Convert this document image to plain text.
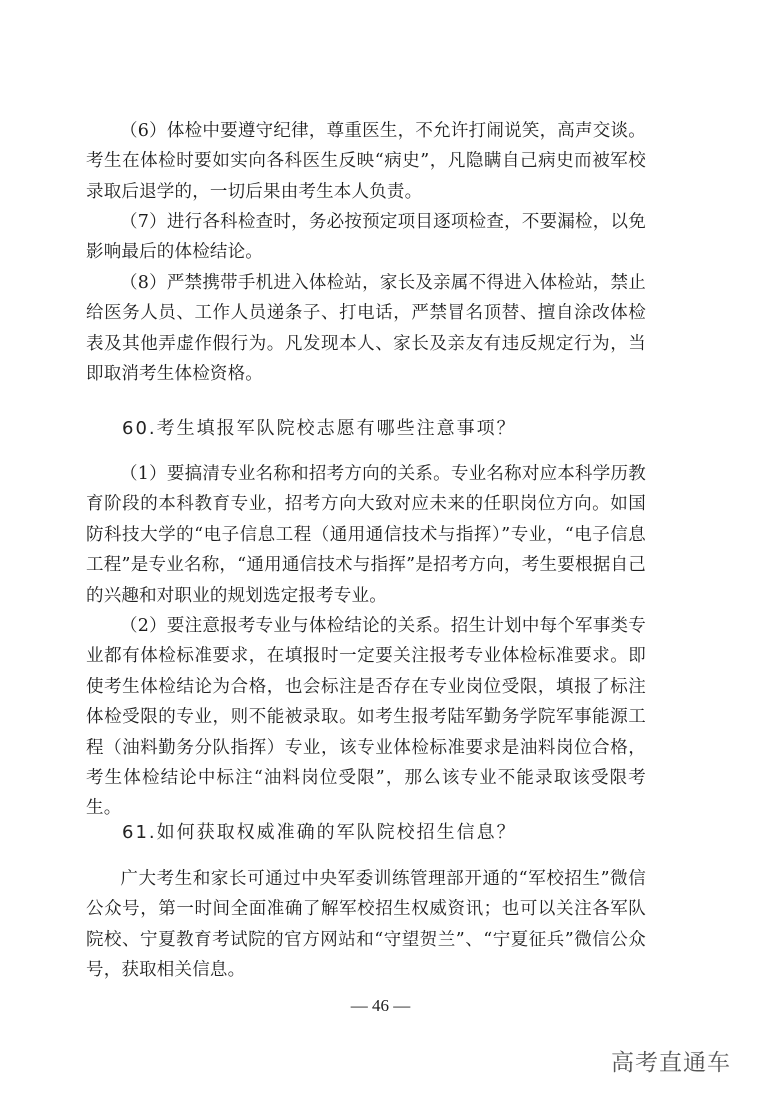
（6）体检中要遵守纪律，尊重医生，不允许打闹说笑，高声交谈。考生在体检时要如实向各科医生反映“病史”，凡隐瞒自己病史而被军校录取后退学的，一切后果由考生本人负责。
（7）进行各科检查时，务必按预定项目逐项检查，不要漏检，以免影响最后的体检结论。
（8）严禁携带手机进入体检站，家长及亲属不得进入体检站，禁止给医务人员、工作人员递条子、打电话，严禁冒名顶替、擅自涂改体检表及其他弄虚作假行为。凡发现本人、家长及亲友有违反规定行为，当即取消考生体检资格。
60.考生填报军队院校志愿有哪些注意事项？
（1）要搞清专业名称和招考方向的关系。专业名称对应本科学历教育阶段的本科教育专业，招考方向大致对应未来的任职岗位方向。如国防科技大学的“电子信息工程（通用通信技术与指挥）”专业，“电子信息工程”是专业名称，“通用通信技术与指挥”是招考方向，考生要根据自己的兴趣和对职业的规划选定报考专业。
（2）要注意报考专业与体检结论的关系。招生计划中每个军事类专业都有体检标准要求，在填报时一定要关注报考专业体检标准要求。即使考生体检结论为合格，也会标注是否存在专业岗位受限，填报了标注体检受限的专业，则不能被录取。如考生报考陆军勤务学院军事能源工程（油料勤务分队指挥）专业，该专业体检标准要求是油料岗位合格，考生体检结论中标注“油料岗位受限”，那么该专业不能录取该受限考生。
61.如何获取权威准确的军队院校招生信息？
广大考生和家长可通过中央军委训练管理部开通的“军校招生”微信公众号，第一时间全面准确了解军校招生权威资讯；也可以关注各军队院校、宁夏教育考试院的官方网站和“守望贺兰”、“宁夏征兵”微信公众号，获取相关信息。
— 46 —
高考直通车
